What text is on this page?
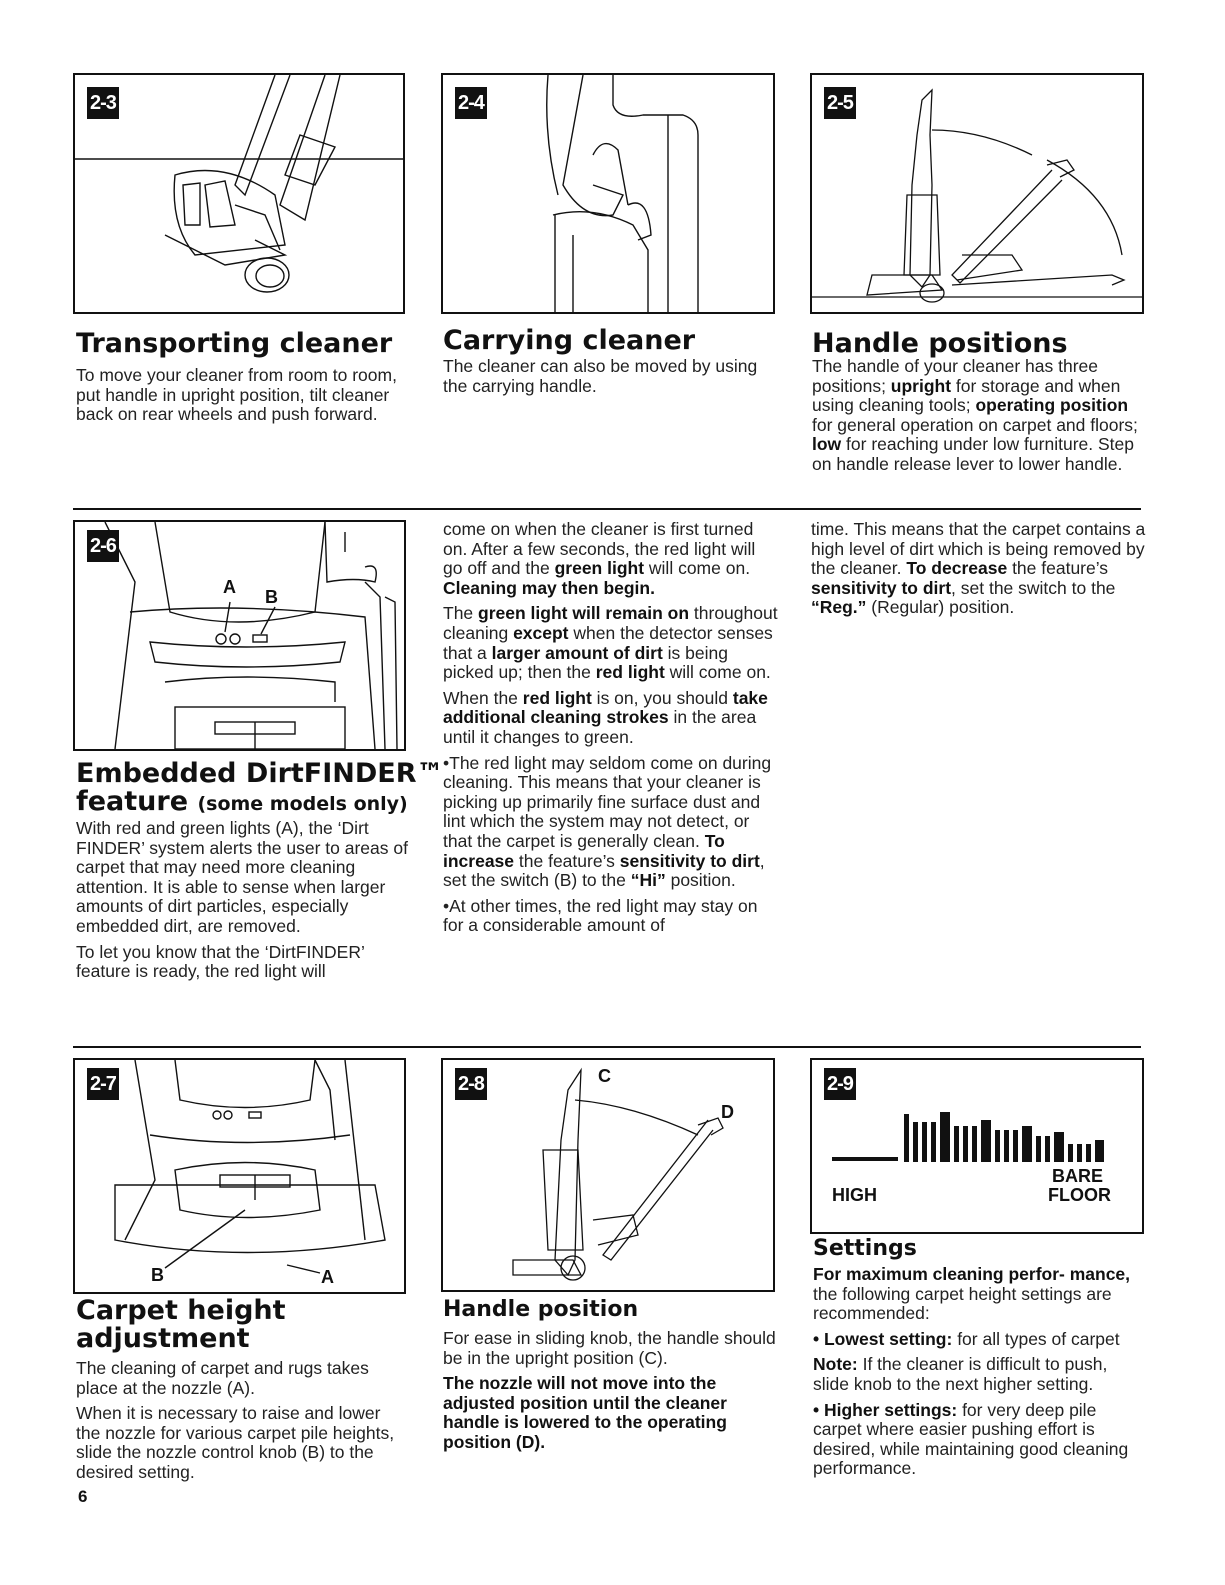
2-3	2-4	2-5
Transporting cleaner

To move your cleaner from room to room, put handle in upright position, tilt cleaner back on rear wheels and push forward.

Carrying cleaner

The cleaner can also be moved by using the carrying handle.

Handle positions

The handle of your cleaner has three positions; upright for storage and when using cleaning tools; operating position for general operation on carpet and floors; low for reaching under low furniture. Step on handle release lever to lower handle.

A B
2-6
Embedded DirtFINDER™
feature (some models only)

With red and green lights (A), the ‘Dirt FINDER’ system alerts the user to areas of carpet that may need more cleaning attention. It is able to sense when larger amounts of dirt particles, especially embedded dirt, are removed.

To let you know that the ‘DirtFINDER’ feature is ready, the red light will

come on when the cleaner is first turned on. After a few seconds, the red light will go off and the green light will come on. Cleaning may then begin.

The green light will remain on throughout cleaning except when the detector senses that a larger amount of dirt is being picked up; then the red light will come on.

When the red light is on, you should take additional cleaning strokes in the area until it changes to green.

•The red light may seldom come on during cleaning. This means that your cleaner is picking up primarily fine surface dust and lint which the system may not detect, or that the carpet is generally clean. To increase the feature’s sensitivity to dirt, set the switch (B) to the “Hi” position.

•At other times, the red light may stay on for a considerable amount of

time. This means that the carpet contains a high level of dirt which is being removed by the cleaner. To decrease the feature’s sensitivity to dirt, set the switch to the “Reg.” (Regular) position.

B	A
2-7	C
D
2-8
HIGH
BARE
FLOOR
2-9
Carpet height
adjustment

The cleaning of carpet and rugs takes place at the nozzle (A).

When it is necessary to raise and lower the nozzle for various carpet pile heights, slide the nozzle control knob (B) to the desired setting.

Handle position

For ease in sliding knob, the handle should be in the upright position (C).

The nozzle will not move into the adjusted position until the cleaner handle is lowered to the operating position (D).

Settings

For maximum cleaning perfor- mance, the following carpet height settings are recommended:

• Lowest setting: for all types of carpet

Note: If the cleaner is difficult to push, slide knob to the next higher setting.

• Higher settings: for very deep pile carpet where easier pushing effort is desired, while maintaining good cleaning performance.

6
